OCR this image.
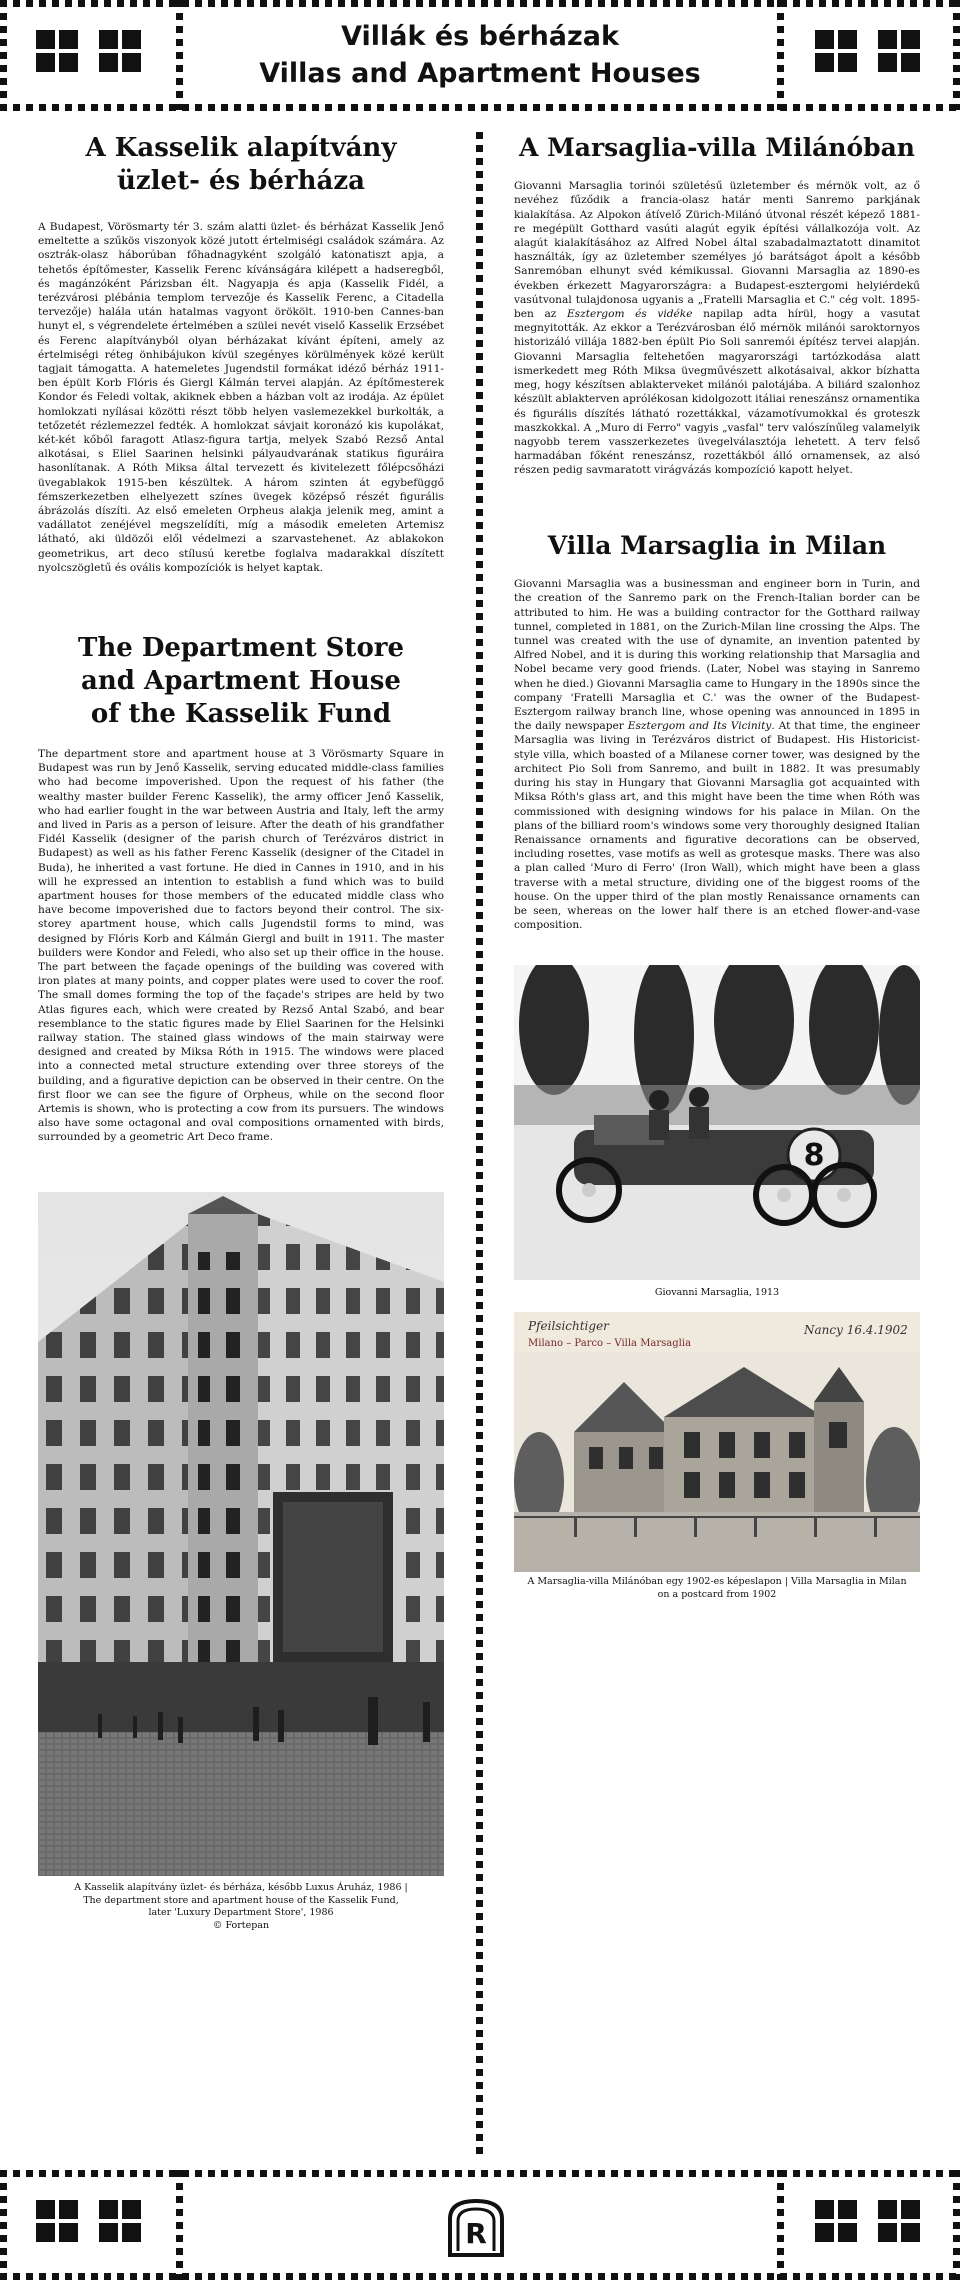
Villák és bérházak
Villas and Apartment Houses
A Kasselik alapítvány
üzlet- és bérháza

A Budapest, Vörösmarty tér 3. szám alatti üzlet- és bérházat Kasselik Jenő emeltette a szűkös viszonyok közé jutott értelmiségi családok számára. Az osztrák-olasz háborúban főhadnagyként szolgáló katonatiszt apja, a tehetős építőmester, Kasselik Ferenc kívánságára kilépett a hadseregből, és magánzóként Párizsban élt. Nagyapja és apja (Kasselik Fidél, a terézvárosi plébánia templom tervezője és Kasselik Ferenc, a Citadella tervezője) halála után hatalmas vagyont örökölt. 1910-ben Cannes-ban hunyt el, s végrendelete értelmében a szülei nevét viselő Kasselik Erzsébet és Ferenc alapítványból olyan bérházakat kívánt építeni, amely az értelmiségi réteg önhibájukon kívül szegényes körülmények közé került tagjait támogatta. A hatemeletes Jugendstil formákat idéző bérház 1911-ben épült Korb Flóris és Giergl Kálmán tervei alapján. Az építőmesterek Kondor és Feledi voltak, akiknek ebben a házban volt az irodája. Az épület homlokzati nyílásai közötti részt több helyen vaslemezekkel burkolták, a tetőzetét rézlemezzel fedték. A homlokzat sávjait koronázó kis kupolákat, két-két kőből faragott Atlasz-figura tartja, melyek Szabó Rezső Antal alkotásai, s Eliel Saarinen helsinki pályaudvarának statikus figuráira hasonlítanak. A Róth Miksa által tervezett és kivitelezett főlépcsőházi üvegablakok 1915-ben készültek. A három szinten át egybefüggő fémszerkezetben elhelyezett színes üvegek középső részét figurális ábrázolás díszíti. Az első emeleten Orpheus alakja jelenik meg, amint a vadállatot zenéjével megszelídíti, míg a második emeleten Artemisz látható, aki üldözői elől védelmezi a szarvastehenet. Az ablakokon geometrikus, art deco stílusú keretbe foglalva madarakkal díszített nyolcszögletű és ovális kompozíciók is helyet kaptak.

The Department Store
and Apartment House
of the Kasselik Fund

The department store and apartment house at 3 Vörösmarty Square in Budapest was run by Jenő Kasselik, serving educated middle-class families who had become impoverished. Upon the request of his father (the wealthy master builder Ferenc Kasselik), the army officer Jenő Kasselik, who had earlier fought in the war between Austria and Italy, left the army and lived in Paris as a person of leisure. After the death of his grandfather Fidél Kasselik (designer of the parish church of Terézváros district in Budapest) as well as his father Ferenc Kasselik (designer of the Citadel in Buda), he inherited a vast fortune. He died in Cannes in 1910, and in his will he expressed an intention to establish a fund which was to build apartment houses for those members of the educated middle class who have become impoverished due to factors beyond their control. The six-storey apartment house, which calls Jugendstil forms to mind, was designed by Flóris Korb and Kálmán Giergl and built in 1911. The master builders were Kondor and Feledi, who also set up their office in the house. The part between the façade openings of the building was covered with iron plates at many points, and copper plates were used to cover the roof. The small domes forming the top of the façade's stripes are held by two Atlas figures each, which were created by Rezső Antal Szabó, and bear resemblance to the static figures made by Eliel Saarinen for the Helsinki railway station. The stained glass windows of the main stairway were designed and created by Miksa Róth in 1915. The windows were placed into a connected metal structure extending over three storeys of the building, and a figurative depiction can be observed in their centre. On the first floor we can see the figure of Orpheus, while on the second floor Artemis is shown, who is protecting a cow from its pursuers. The windows also have some octagonal and oval compositions ornamented with birds, surrounded by a geometric Art Deco frame.

A Kasselik alapítvány üzlet- és bérháza, később Luxus Áruház, 1986 |
The department store and apartment house of the Kasselik Fund,
later 'Luxury Department Store', 1986
© Fortepan
A Marsaglia-villa Milánóban

Giovanni Marsaglia torinói születésű üzletember és mérnök volt, az ő nevéhez fűződik a francia-olasz határ menti Sanremo parkjának kialakítása. Az Alpokon átívelő Zürich-Milánó útvonal részét képező 1881-re megépült Gotthard vasúti alagút egyik építési vállalkozója volt. Az alagút kialakításához az Alfred Nobel által szabadalmaztatott dinamitot használták, így az üzletember személyes jó barátságot ápolt a később Sanremóban elhunyt svéd kémikussal. Giovanni Marsaglia az 1890-es években érkezett Magyarországra: a Budapest-esztergomi helyiérdekű vasútvonal tulajdonosa ugyanis a „Fratelli Marsaglia et C." cég volt. 1895-ben az Esztergom és vidéke napilap adta hírül, hogy a vasutat megnyitották. Az ekkor a Terézvárosban élő mérnök milánói saroktornyos historizáló villája 1882-ben épült Pio Soli sanremói építész tervei alapján. Giovanni Marsaglia feltehetően magyarországi tartózkodása alatt ismerkedett meg Róth Miksa üvegművészett alkotásaival, akkor bízhatta meg, hogy készítsen ablakterveket milánói palotájába. A biliárd szalonhoz készült ablakterven aprólékosan kidolgozott itáliai reneszánsz ornamentika és figurális díszítés látható rozettákkal, vázamotívumokkal és groteszk maszkokkal. A „Muro di Ferro" vagyis „vasfal" terv valószínűleg valamelyik nagyobb terem vasszerkezetes üvegelválasztója lehetett. A terv felső harmadában főként reneszánsz, rozettákból álló ornamensek, az alsó részen pedig savmaratott virágvázás kompozíció kapott helyet.

Villa Marsaglia in Milan

Giovanni Marsaglia was a businessman and engineer born in Turin, and the creation of the Sanremo park on the French-Italian border can be attributed to him. He was a building contractor for the Gotthard railway tunnel, completed in 1881, on the Zurich-Milan line crossing the Alps. The tunnel was created with the use of dynamite, an invention patented by Alfred Nobel, and it is during this working relationship that Marsaglia and Nobel became very good friends. (Later, Nobel was staying in Sanremo when he died.) Giovanni Marsaglia came to Hungary in the 1890s since the company 'Fratelli Marsaglia et C.' was the owner of the Budapest-Esztergom railway branch line, whose opening was announced in 1895 in the daily newspaper Esztergom and Its Vicinity. At that time, the engineer Marsaglia was living in Terézváros district of Budapest. His Historicist-style villa, which boasted of a Milanese corner tower, was designed by the architect Pio Soli from Sanremo, and built in 1882. It was presumably during his stay in Hungary that Giovanni Marsaglia got acquainted with Miksa Róth's glass art, and this might have been the time when Róth was commissioned with designing windows for his palace in Milan. On the plans of the billiard room's windows some very thoroughly designed Italian Renaissance ornaments and figurative decorations can be observed, including rosettes, vase motifs as well as grotesque masks. There was also a plan called 'Muro di Ferro' (Iron Wall), which might have been a glass traverse with a metal structure, dividing one of the biggest rooms of the house. On the upper third of the plan mostly Renaissance ornaments can be seen, whereas on the lower half there is an etched flower-and-vase composition.

8
Giovanni Marsaglia, 1913
Pfeilsichtiger
Milano – Parco – Villa Marsaglia
Nancy 16.4.1902
A Marsaglia-villa Milánóban egy 1902-es képeslapon | Villa Marsaglia in Milan
on a postcard from 1902
R
